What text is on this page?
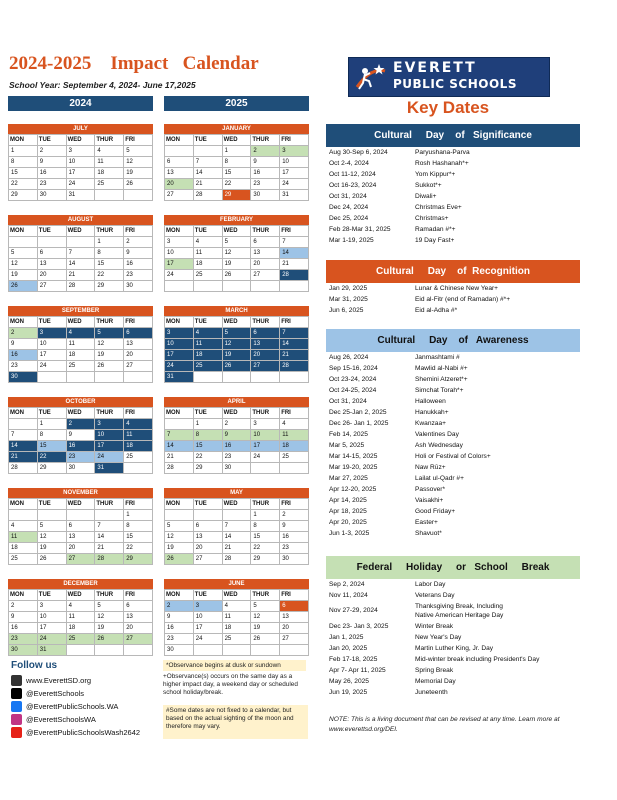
2024-2025    Impact   Calendar
School Year: September 4, 2024- June 17,2025
2024	2025
EVERETT
PUBLIC SCHOOLS
Key Dates
JULY
MON	TUE	WED	THUR	FRI
1	2	3	4	5
8	9	10	11	12
15	16	17	18	19
22	23	24	25	26
29	30	31		
JANUARY
MON	TUE	WED	THUR	FRI
		1	2	3
6	7	8	9	10
13	14	15	16	17
20	21	22	23	24
27	28	29	30	31
AUGUST
MON	TUE	WED	THUR	FRI
			1	2
5	6	7	8	9
12	13	14	15	16
19	20	21	22	23
26	27	28	29	30
FEBRUARY
MON	TUE	WED	THUR	FRI
3	4	5	6	7
10	11	12	13	14
17	18	19	20	21
24	25	26	27	28

SEPTEMBER
MON	TUE	WED	THUR	FRI
2	3	4	5	6
9	10	11	12	13
16	17	18	19	20
23	24	25	26	27
30				
MARCH
MON	TUE	WED	THUR	FRI
3	4	5	6	7
10	11	12	13	14
17	18	19	20	21
24	25	26	27	28
31				
OCTOBER
MON	TUE	WED	THUR	FRI
	1	2	3	4
7	8	9	10	11
14	15	16	17	18
21	22	23	24	25
28	29	30	31	
APRIL
MON	TUE	WED	THUR	FRI
	1	2	3	4
7	8	9	10	11
14	15	16	17	18
21	22	23	24	25
28	29	30		
NOVEMBER
MON	TUE	WED	THUR	FRI
				1
4	5	6	7	8
11	12	13	14	15
18	19	20	21	22
25	26	27	28	29
MAY
MON	TUE	WED	THUR	FRI
			1	2
5	6	7	8	9
12	13	14	15	16
19	20	21	22	23
26	27	28	29	30
DECEMBER
MON	TUE	WED	THUR	FRI
2	3	4	5	6
9	10	11	12	13
16	17	18	19	20
23	24	25	26	27
30	31			
JUNE
MON	TUE	WED	THUR	FRI
2	3	4	5	6
9	10	11	12	13
16	17	18	19	20
23	24	25	26	27
30				
Cultural     Day    of   Significance
Aug 30-Sep 6, 2024	Paryushana-Parva
Oct 2-4, 2024	Rosh Hashanah*+
Oct 11-12, 2024	Yom Kippur*+
Oct 16-23, 2024	Sukkot*+
Oct 31, 2024	Diwali+
Dec 24, 2024	Christmas Eve+
Dec 25, 2024	Christmas+
Feb 28-Mar 31, 2025	Ramadan #*+
Mar 1-19, 2025	19 Day Fast+
Cultural     Day    of  Recognition
Jan 29, 2025	Lunar & Chinese New Year+
Mar 31, 2025	Eid al-Fitr (end of Ramadan) #*+
Jun 6, 2025	Eid al-Adha #*
Cultural     Day    of   Awareness
Aug 26, 2024	Janmashtami #
Sep 15-16, 2024	Mawlid al-Nabi #+
Oct 23-24, 2024	Shemini Atzeret*+
Oct 24-25, 2024	Simchat Torah*+
Oct 31, 2024	Halloween
Dec 25-Jan 2, 2025	Hanukkah+
Dec 26- Jan 1, 2025	Kwanzaa+
Feb 14, 2025	Valentines Day
Mar 5, 2025	Ash Wednesday
Mar 14-15, 2025	Holi or Festival of Colors+
Mar 19-20, 2025	Naw Rūz+
Mar 27, 2025	Lailat ul-Qadr #+
Apr 12-20, 2025	Passover*
Apr 14, 2025	Vaisakhi+
Apr 18, 2025	Good Friday+
Apr 20, 2025	Easter+
Jun 1-3, 2025	Shavuot*
Federal     Holiday     or   School     Break
Sep 2, 2024	Labor Day
Nov 11, 2024	Veterans Day
Nov 27-29, 2024
Thanksgiving Break, Including
Native American Heritage Day
Dec 23- Jan 3, 2025	Winter Break
Jan 1, 2025	New Year's Day
Jan 20, 2025	Martin Luther King, Jr. Day
Feb 17-18, 2025	Mid-winter break including President's Day
Apr 7- Apr 11, 2025	Spring Break
May 26, 2025	Memorial Day
Jun 19, 2025	Juneteenth
Follow us
www.EverettSD.org
@EverettSchools
@EverettPublicSchools.WA
@EverettSchoolsWA
@EverettPublicSchoolsWash2642
*Observance begins at dusk or sundown
+Observance(s) occurs on the same day as a higher impact day, a weekend day or scheduled school holiday/break.
#Some dates are not fixed to a calendar, but based on the actual sighting of the moon and therefore may vary.
NOTE: This is a living document that can be revised at any time. Learn more at www.everettsd.org/DEI.
